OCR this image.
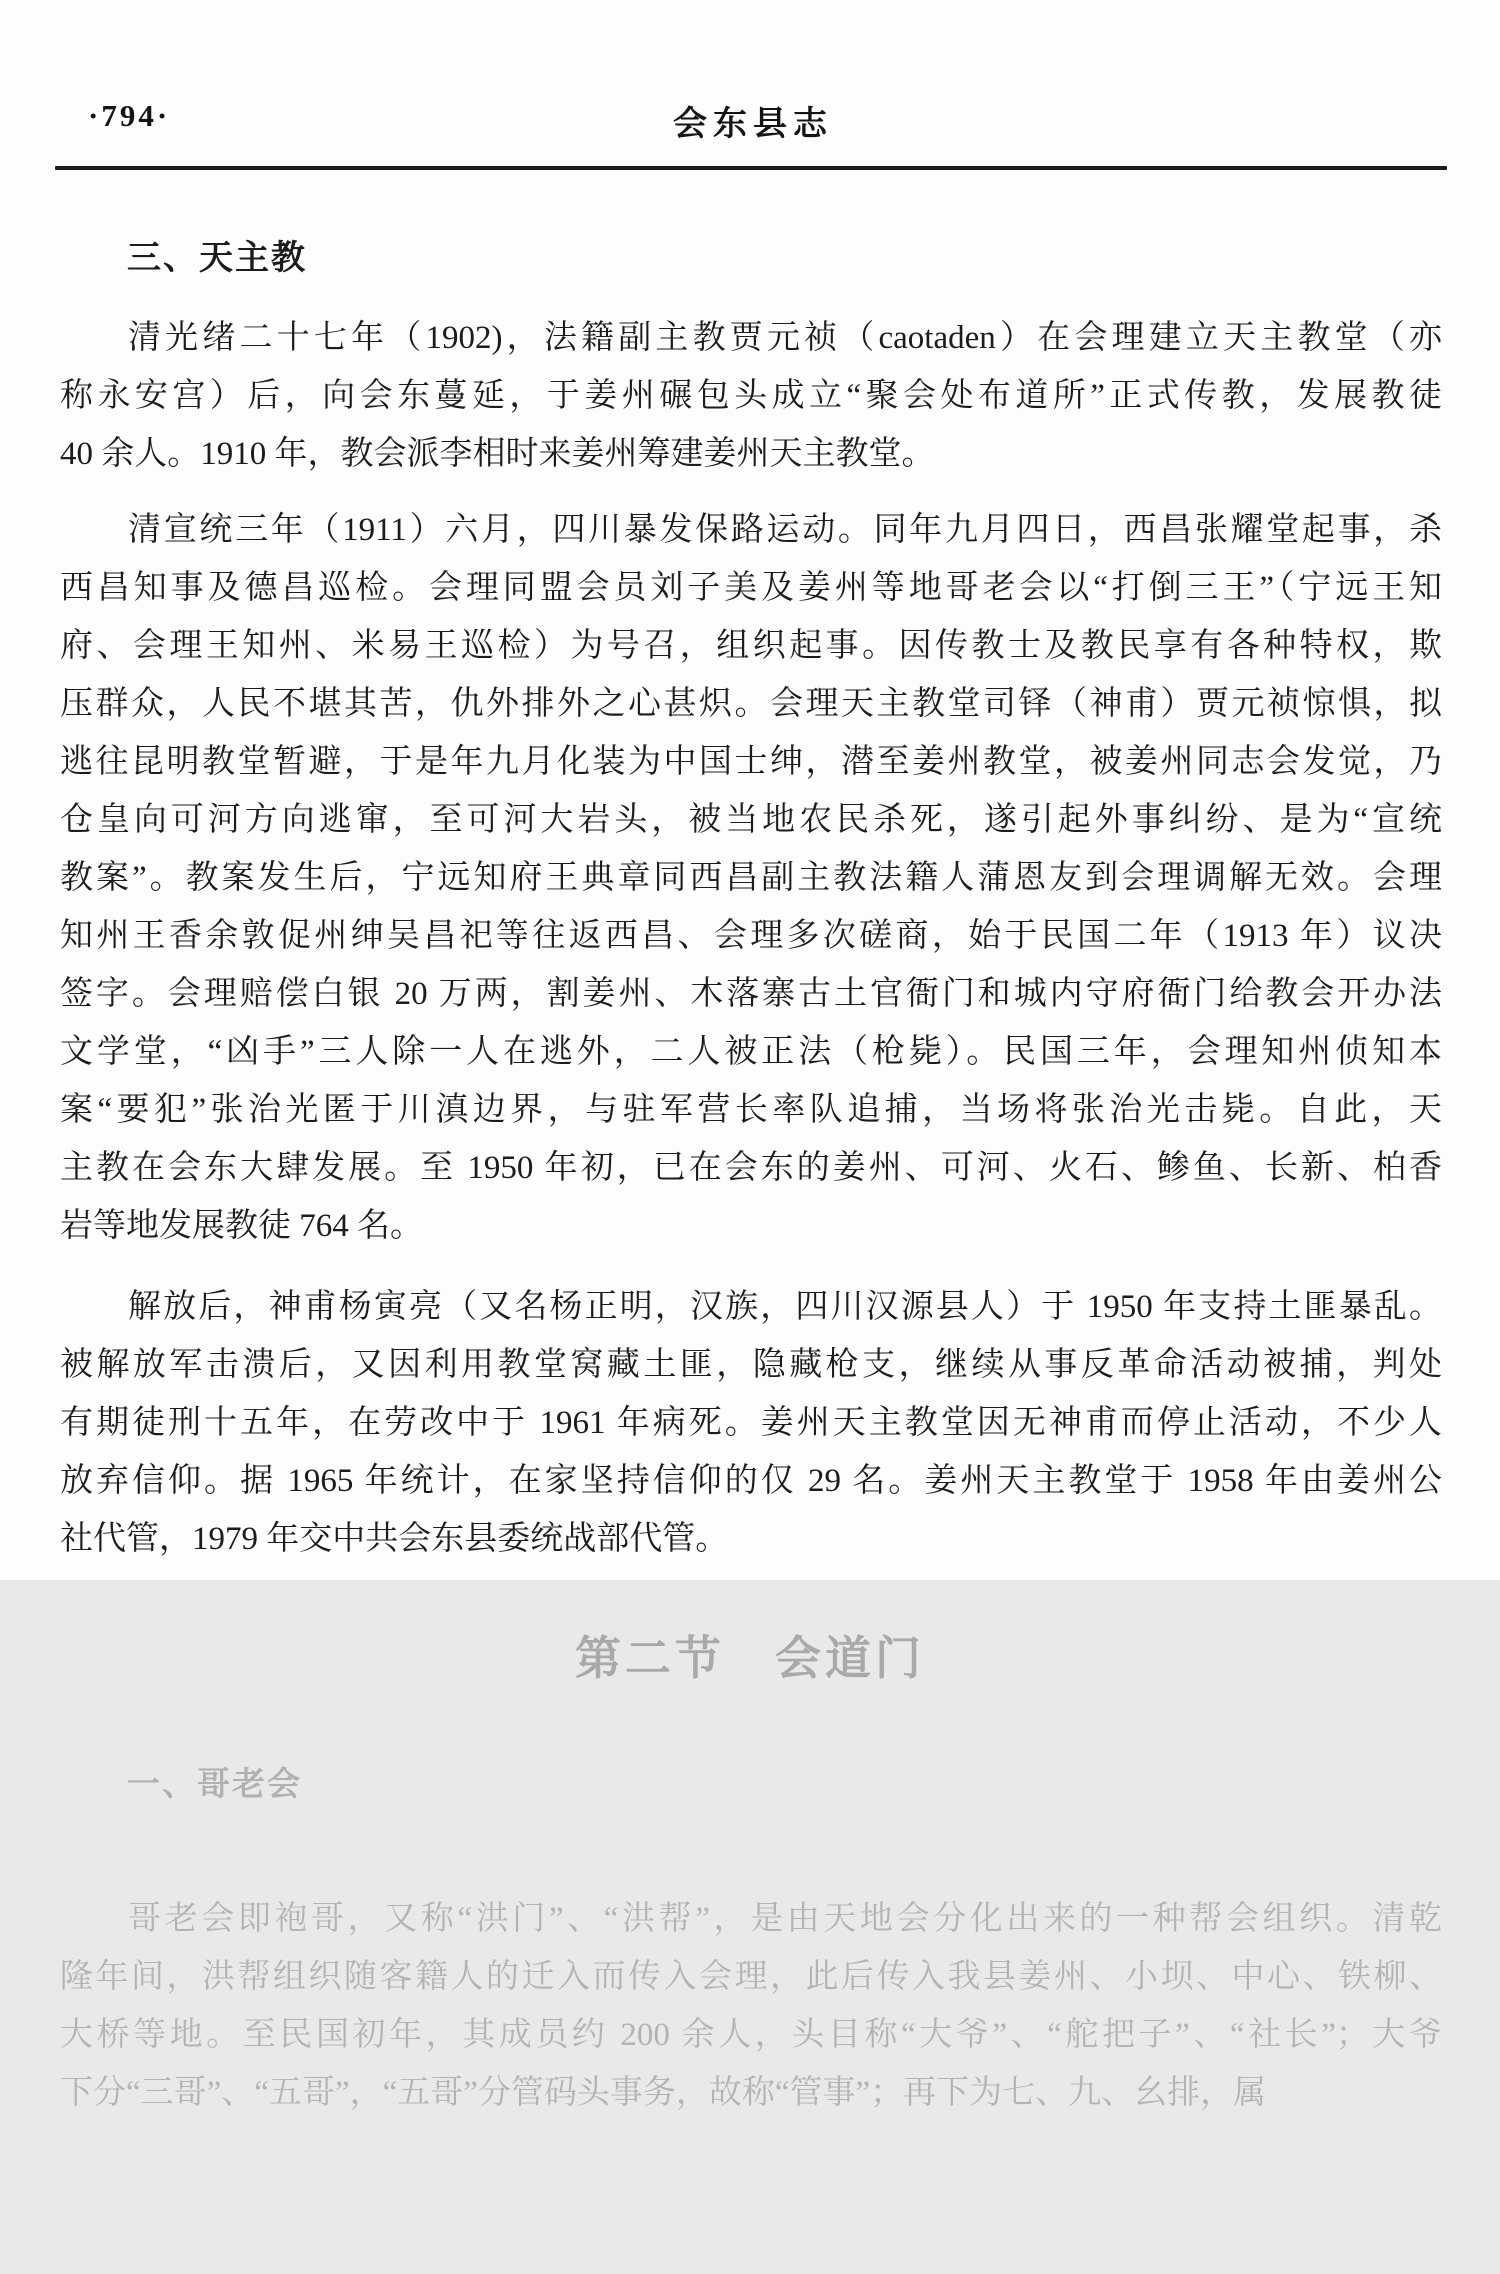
·794·	会东县志
三、天主教
清光绪二十七年（1902)，法籍副主教贾元祯（caotaden）在会理建立天主教堂（亦
称永安宫）后，向会东蔓延，于姜州碾包头成立“聚会处布道所”正式传教，发展教徒
40 余人。1910 年，教会派李相时来姜州筹建姜州天主教堂。
清宣统三年（1911）六月，四川暴发保路运动。同年九月四日，西昌张耀堂起事，杀
西昌知事及德昌巡检。会理同盟会员刘子美及姜州等地哥老会以“打倒三王”（宁远王知
府、会理王知州、米易王巡检）为号召，组织起事。因传教士及教民享有各种特权，欺
压群众，人民不堪其苦，仇外排外之心甚炽。会理天主教堂司铎（神甫）贾元祯惊惧，拟
逃往昆明教堂暂避，于是年九月化装为中国士绅，潜至姜州教堂，被姜州同志会发觉，乃
仓皇向可河方向逃窜，至可河大岩头，被当地农民杀死，遂引起外事纠纷、是为“宣统
教案”。教案发生后，宁远知府王典章同西昌副主教法籍人蒲恩友到会理调解无效。会理
知州王香余敦促州绅吴昌祀等往返西昌、会理多次磋商，始于民国二年（1913 年）议决
签字。会理赔偿白银 20 万两，割姜州、木落寨古土官衙门和城内守府衙门给教会开办法
文学堂，“凶手”三人除一人在逃外，二人被正法（枪毙）。民国三年，会理知州侦知本
案“要犯”张治光匿于川滇边界，与驻军营长率队追捕，当场将张治光击毙。自此，天
主教在会东大肆发展。至 1950 年初，已在会东的姜州、可河、火石、鲹鱼、长新、柏香
岩等地发展教徒 764 名。
解放后，神甫杨寅亮（又名杨正明，汉族，四川汉源县人）于 1950 年支持土匪暴乱。
被解放军击溃后，又因利用教堂窝藏土匪，隐藏枪支，继续从事反革命活动被捕，判处
有期徒刑十五年，在劳改中于 1961 年病死。姜州天主教堂因无神甫而停止活动，不少人
放弃信仰。据 1965 年统计，在家坚持信仰的仅 29 名。姜州天主教堂于 1958 年由姜州公
社代管，1979 年交中共会东县委统战部代管。
第二节　会道门
一、哥老会
哥老会即袍哥，又称“洪门”、“洪帮”，是由天地会分化出来的一种帮会组织。清乾
隆年间，洪帮组织随客籍人的迁入而传入会理，此后传入我县姜州、小坝、中心、铁柳、
大桥等地。至民国初年，其成员约 200 余人，头目称“大爷”、“舵把子”、“社长”；大爷
下分“三哥”、“五哥”，“五哥”分管码头事务，故称“管事”；再下为七、九、幺排，属
